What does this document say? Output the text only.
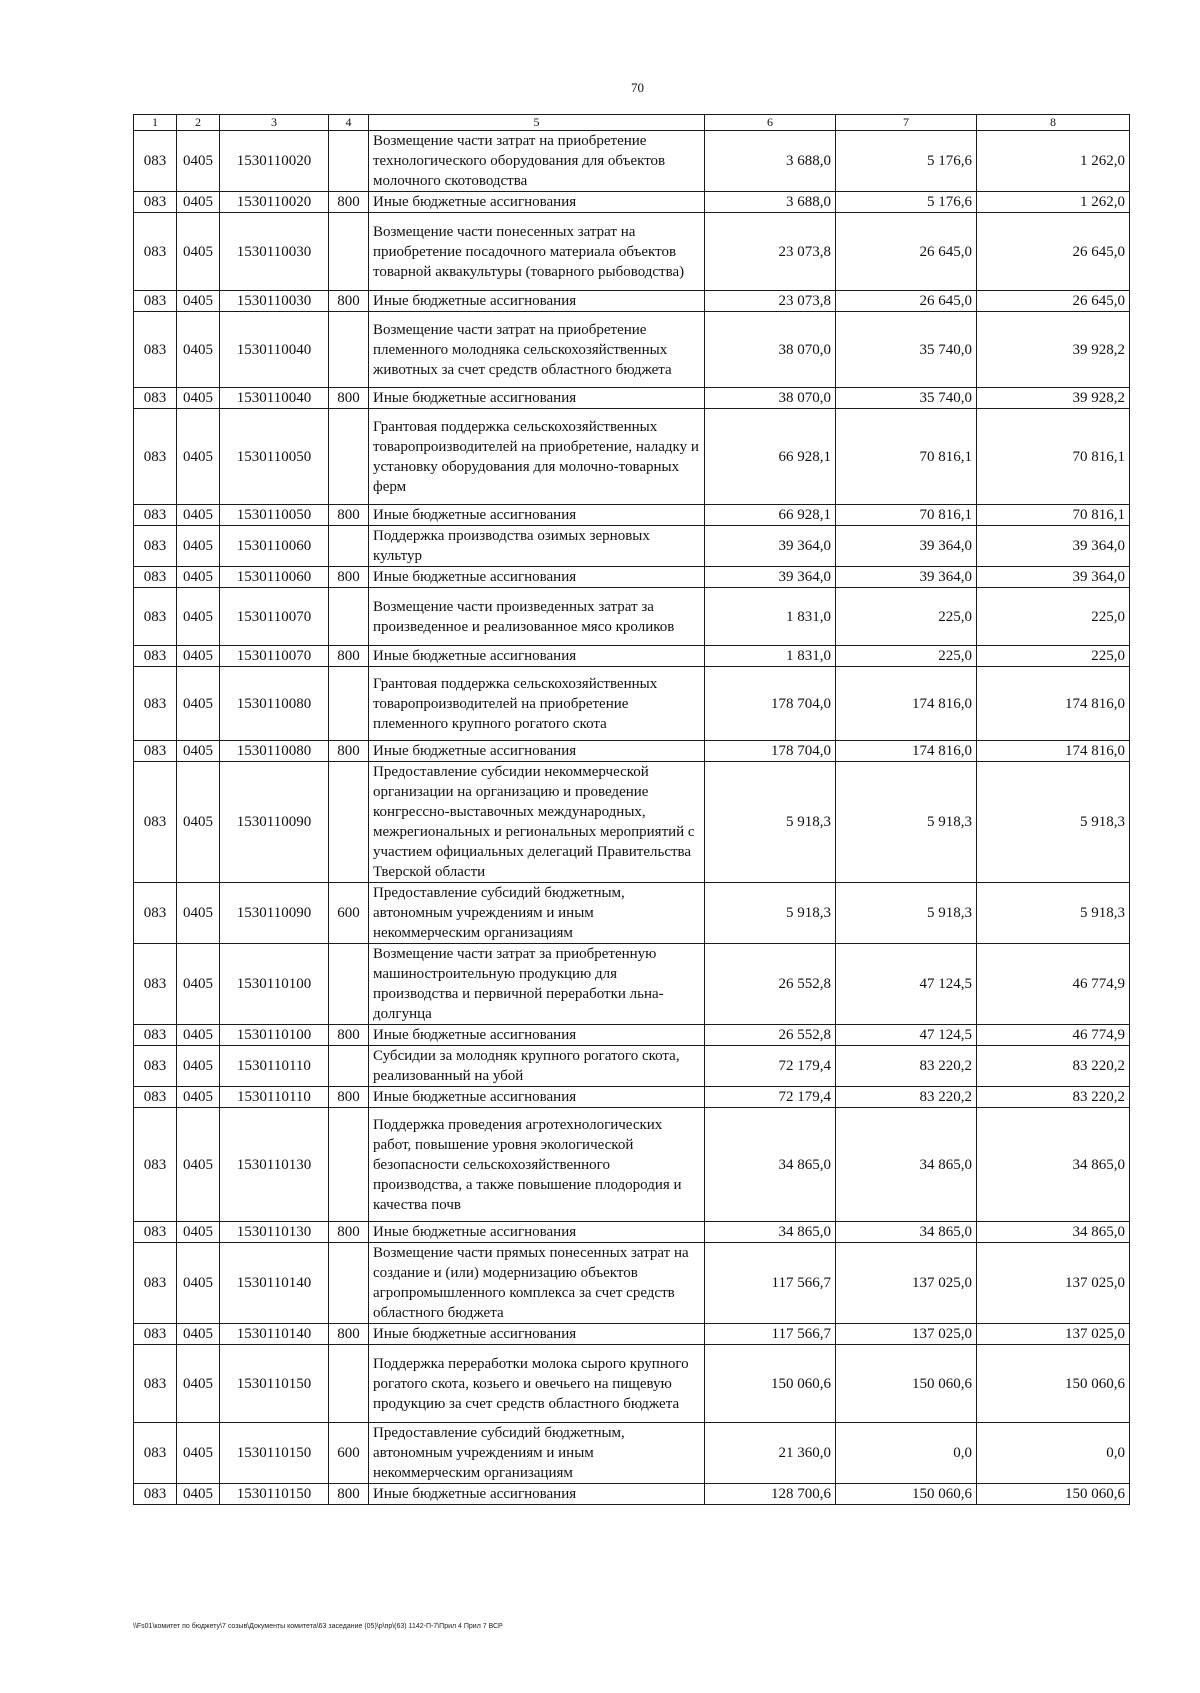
70
1	2	3	4	5	6	7	8
083	0405	1530110020		Возмещение части затрат на приобретение технологического оборудования для объектов молочного скотоводства	3 688,0	5 176,6	1 262,0
083	0405	1530110020	800	Иные бюджетные ассигнования	3 688,0	5 176,6	1 262,0
083	0405	1530110030		Возмещение части понесенных затрат на приобретение посадочного материала объектов товарной аквакультуры (товарного рыбоводства)	23 073,8	26 645,0	26 645,0
083	0405	1530110030	800	Иные бюджетные ассигнования	23 073,8	26 645,0	26 645,0
083	0405	1530110040		Возмещение части затрат на приобретение племенного молодняка сельскохозяйственных животных за счет средств областного бюджета	38 070,0	35 740,0	39 928,2
083	0405	1530110040	800	Иные бюджетные ассигнования	38 070,0	35 740,0	39 928,2
083	0405	1530110050		Грантовая поддержка сельскохозяйственных товаропроизводителей на приобретение, наладку и установку оборудования для молочно-товарных ферм	66 928,1	70 816,1	70 816,1
083	0405	1530110050	800	Иные бюджетные ассигнования	66 928,1	70 816,1	70 816,1
083	0405	1530110060		Поддержка производства озимых зерновых культур	39 364,0	39 364,0	39 364,0
083	0405	1530110060	800	Иные бюджетные ассигнования	39 364,0	39 364,0	39 364,0
083	0405	1530110070		Возмещение части произведенных затрат за произведенное и реализованное мясо кроликов	1 831,0	225,0	225,0
083	0405	1530110070	800	Иные бюджетные ассигнования	1 831,0	225,0	225,0
083	0405	1530110080		Грантовая поддержка сельскохозяйственных товаропроизводителей на приобретение племенного крупного рогатого скота	178 704,0	174 816,0	174 816,0
083	0405	1530110080	800	Иные бюджетные ассигнования	178 704,0	174 816,0	174 816,0
083	0405	1530110090		Предоставление субсидии некоммерческой организации на организацию и проведение конгрессно-выставочных международных, межрегиональных и региональных мероприятий с участием официальных делегаций Правительства Тверской области	5 918,3	5 918,3	5 918,3
083	0405	1530110090	600	Предоставление субсидий бюджетным, автономным учреждениям и иным некоммерческим организациям	5 918,3	5 918,3	5 918,3
083	0405	1530110100		Возмещение части затрат за приобретенную машиностроительную продукцию для производства и первичной переработки льна-долгунца	26 552,8	47 124,5	46 774,9
083	0405	1530110100	800	Иные бюджетные ассигнования	26 552,8	47 124,5	46 774,9
083	0405	1530110110		Субсидии за молодняк крупного рогатого скота, реализованный на убой	72 179,4	83 220,2	83 220,2
083	0405	1530110110	800	Иные бюджетные ассигнования	72 179,4	83 220,2	83 220,2
083	0405	1530110130		Поддержка проведения агротехнологических работ, повышение уровня экологической безопасности сельскохозяйственного производства, а также повышение плодородия и качества почв	34 865,0	34 865,0	34 865,0
083	0405	1530110130	800	Иные бюджетные ассигнования	34 865,0	34 865,0	34 865,0
083	0405	1530110140		Возмещение части прямых понесенных затрат на создание и (или) модернизацию объектов агропромышленного комплекса за счет средств областного бюджета	117 566,7	137 025,0	137 025,0
083	0405	1530110140	800	Иные бюджетные ассигнования	117 566,7	137 025,0	137 025,0
083	0405	1530110150		Поддержка переработки молока сырого крупного рогатого скота, козьего и овечьего на пищевую продукцию за счет средств областного бюджета	150 060,6	150 060,6	150 060,6
083	0405	1530110150	600	Предоставление субсидий бюджетным, автономным учреждениям и иным некоммерческим организациям	21 360,0	0,0	0,0
083	0405	1530110150	800	Иные бюджетные ассигнования	128 700,6	150 060,6	150 060,6
\\Fs01\комитет по бюджету\7 созыв\Документы комитета\63 заседание (05)\р\пр\(63) 1142-П-7\Прил 4 Прил 7 ВСР
